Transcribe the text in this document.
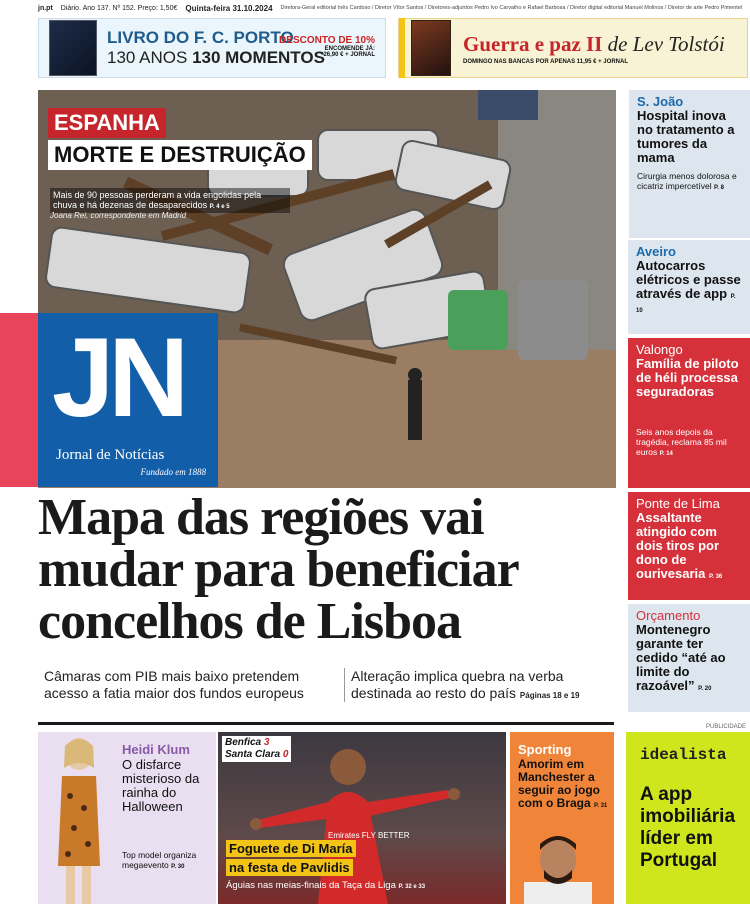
jn.pt Diário. Ano 137. Nº 152. Preço: 1,50€ Quinta-feira 31.10.2024 Diretora-Geral editorial Inês Cardoso / Diretor Vítor Santos / Diretores-adjuntos Pedro Ivo Carvalho e Rafael Barbosa / Diretor digital editorial Manuel Molinos / Diretor de arte Pedro Pimentel
LIVRO DO F. C. PORTO
130 ANOS 130 MOMENTOS
DESCONTO DE 10%
ENCOMENDE JÁ:
26,90 € + JORNAL	Guerra e paz II de Lev Tolstói
DOMINGO NAS BANCAS POR APENAS 11,95 € + JORNAL
ESPANHA
MORTE E DESTRUIÇÃO
Mais de 90 pessoas perderam a vida engolidas pela chuva e há dezenas de desaparecidos P. 4 e 5
Joana Rei, correspondente em Madrid
JN
Jornal de Notícias
Fundado em 1888
S. João
Hospital inova no tratamento a tumores da mama
Cirurgia menos dolorosa e cicatriz impercetível P. 8
Aveiro
Autocarros elétricos e passe através de app P. 10
Valongo
Família de piloto de héli processa seguradoras
Seis anos depois da tragédia, reclama 85 mil euros P. 14
Ponte de Lima
Assaltante atingido com dois tiros por dono de ourivesaria P. 36
Orçamento
Montenegro garante ter cedido “até ao limite do razoável” P. 20
Mapa das regiões vai mudar para beneficiar concelhos de Lisboa
Câmaras com PIB mais baixo pretendem acesso a fatia maior dos fundos europeus
Alteração implica quebra na verba destinada ao resto do país Páginas 18 e 19
Heidi Klum
O disfarce misterioso da rainha do Halloween
Top model organiza megaevento P. 30
Emirates FLY BETTER
Benfica 3
Santa Clara 0
Foguete de Di María
na festa de Pavlidis
Águias nas meias-finais da Taça da Liga P. 32 e 33
Sporting
Amorim em Manchester a seguir ao jogo com o Braga P. 31
PUBLICIDADE
idealista
A app imobiliária líder em Portugal
